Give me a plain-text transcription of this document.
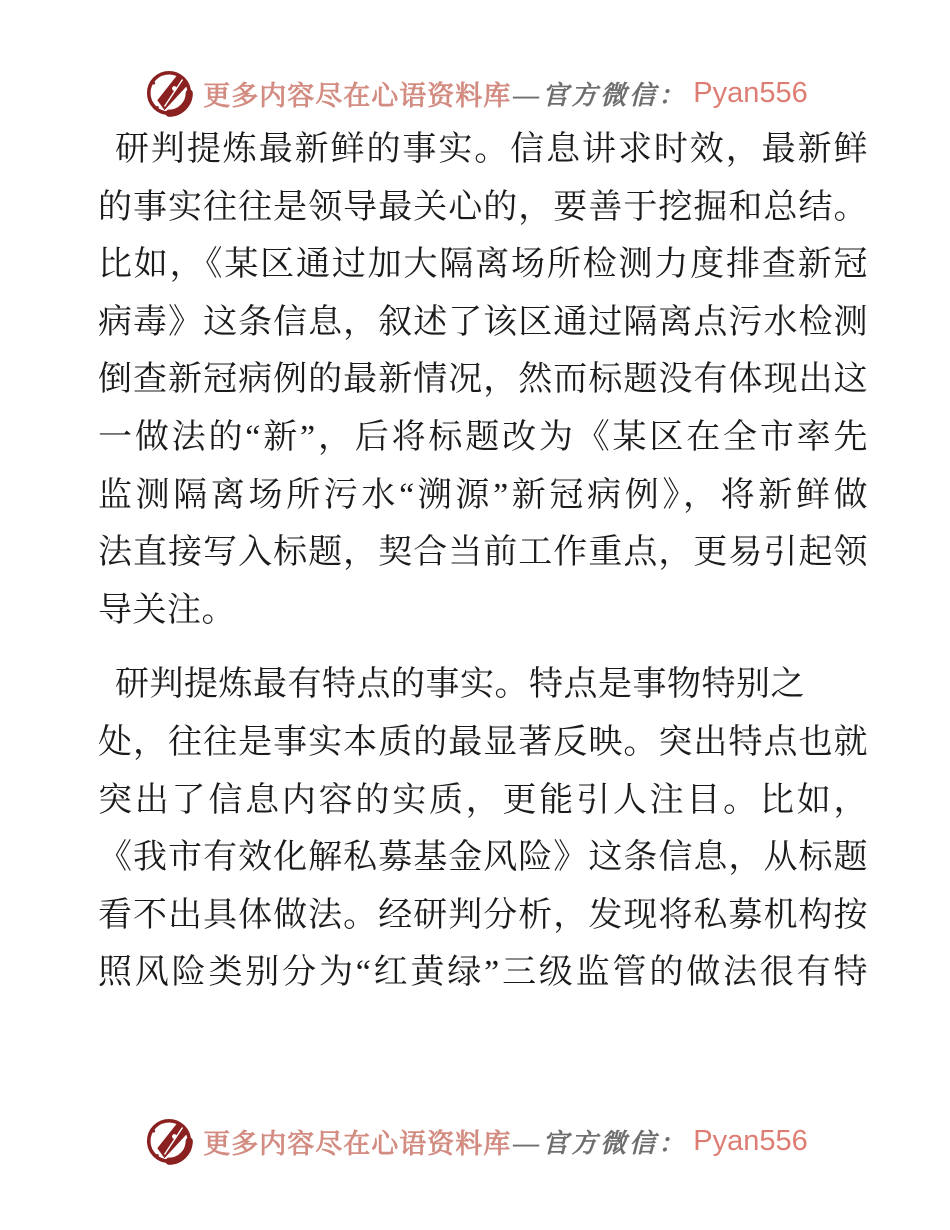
更多内容尽在心语资料库 —官方微信： Pyan556
研判提炼最新鲜的事实。信息讲求时效，最新鲜
的事实往往是领导最关心的，要善于挖掘和总结。
比如，《某区通过加大隔离场所检测力度排查新冠
病毒》这条信息，叙述了该区通过隔离点污水检测
倒查新冠病例的最新情况，然而标题没有体现出这
一做法的“新”，后将标题改为《某区在全市率先
监测隔离场所污水“溯源”新冠病例》，将新鲜做
法直接写入标题，契合当前工作重点，更易引起领
导关注。
研判提炼最有特点的事实。特点是事物特别之
处，往往是事实本质的最显著反映。突出特点也就
突出了信息内容的实质，更能引人注目。比如，
《我市有效化解私募基金风险》这条信息，从标题
看不出具体做法。经研判分析，发现将私募机构按
照风险类别分为“红黄绿”三级监管的做法很有特
更多内容尽在心语资料库 —官方微信： Pyan556
